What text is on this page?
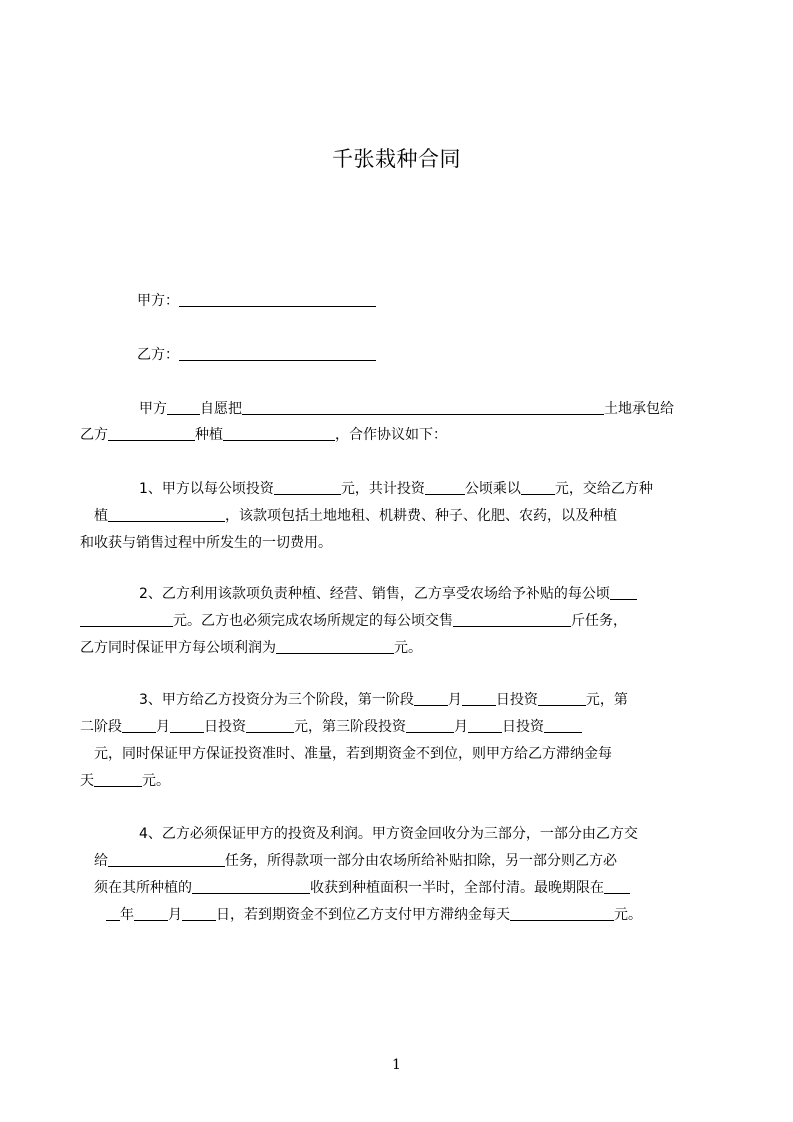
千张栽种合同
甲方：
乙方：
甲方 自愿把	土地承包给
乙方	种植	，合作协议如下：
1、甲方以每公顷投资	元，共计投资	公顷乘以 元，交给乙方种
植	，该款项包括土地地租、机耕费、种子、化肥、农药，以及种植
和收获与销售过程中所发生的一切费用。
2、乙方利用该款项负责种植、经营、销售，乙方享受农场给予补贴的每公顷
元。乙方也必须完成农场所规定的每公顷交售	斤任务，
乙方同时保证甲方每公顷利润为	元。
3、甲方给乙方投资分为三个阶段，第一阶段 月 日投资	元，第
二阶段 月 日投资	元，第三阶段投资	月 日投资
元，同时保证甲方保证投资准时、准量，若到期资金不到位，则甲方给乙方滞纳金每
天	元。
4、乙方必须保证甲方的投资及利润。甲方资金回收分为三部分，一部分由乙方交
给	任务，所得款项一部分由农场所给补贴扣除，另一部分则乙方必
须在其所种植的	收获到种植面积一半时，全部付清。最晚期限在
年 月 日，若到期资金不到位乙方支付甲方滞纳金每天	元。
1
